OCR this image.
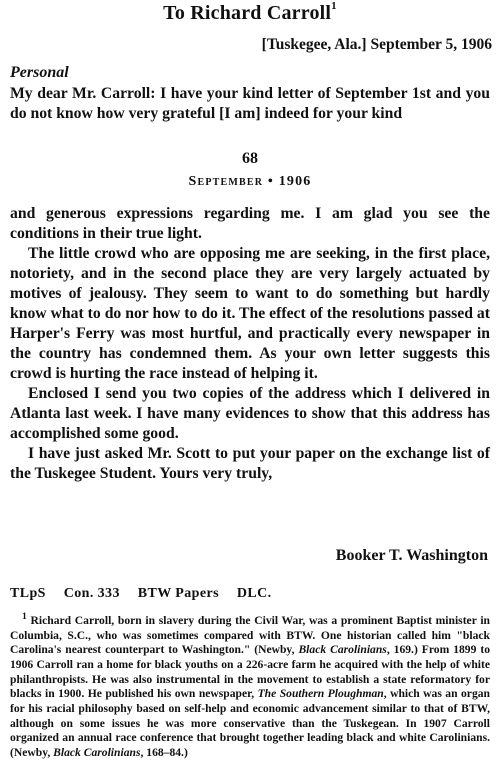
To Richard Carroll$^1$
[Tuskegee, Ala.] September 5, 1906
Personal

My dear Mr. Carroll: I have your kind letter of September 1st and you do not know how very grateful [I am] indeed for your kind

68
September • 1906

and generous expressions regarding me. I am glad you see the conditions in their true light.

The little crowd who are opposing me are seeking, in the first place, notoriety, and in the second place they are very largely actuated by motives of jealousy. They seem to want to do something but hardly know what to do nor how to do it. The effect of the resolutions passed at Harper's Ferry was most hurtful, and practically every newspaper in the country has condemned them. As your own letter suggests this crowd is hurting the race instead of helping it.

Enclosed I send you two copies of the address which I delivered in Atlanta last week. I have many evidences to show that this address has accomplished some good.

I have just asked Mr. Scott to put your paper on the exchange list of the Tuskegee Student. Yours very truly,

Booker T. Washington
TLpS Con. 333 BTW Papers DLC.
$^1$ Richard Carroll, born in slavery during the Civil War, was a prominent Baptist minister in Columbia, S.C., who was sometimes compared with BTW. One historian called him "black Carolina's nearest counterpart to Washington." (Newby, Black Carolinians, 169.) From 1899 to 1906 Carroll ran a home for black youths on a 226-acre farm he acquired with the help of white philanthropists. He was also instrumental in the movement to establish a state reformatory for blacks in 1900. He published his own newspaper, The Southern Ploughman, which was an organ for his racial philosophy based on self-help and economic advancement similar to that of BTW, although on some issues he was more conservative than the Tuskegean. In 1907 Carroll organized an annual race conference that brought together leading black and white Carolinians. (Newby, Black Carolinians, 168–84.)
